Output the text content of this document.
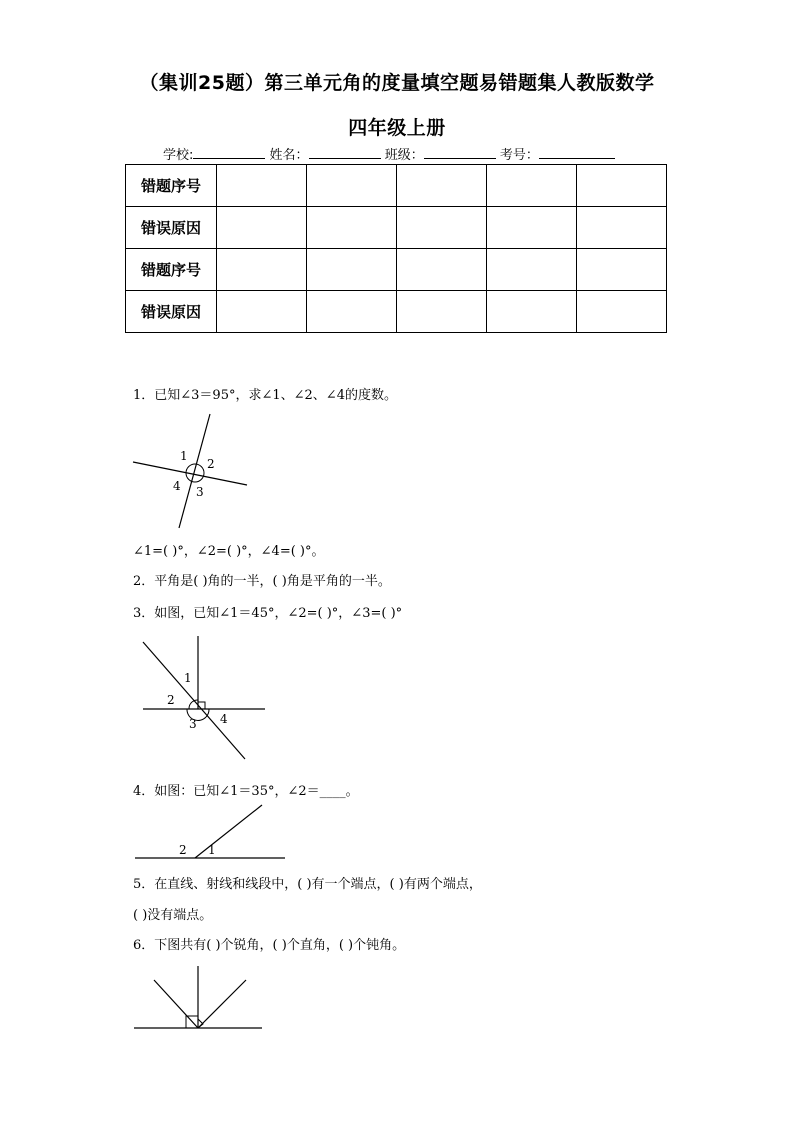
（集训25题）第三单元角的度量填空题易错题集人教版数学
四年级上册
学校:	姓名：	班级：	考号：
错题序号					
错误原因					
错题序号					
错误原因					
1．已知∠3＝95°，求∠1、∠2、∠4的度数。
1
2
3
4
∠1=( )°，∠2=( )°，∠4=( )°。
2．平角是( )角的一半，( )角是平角的一半。
3．如图，已知∠1＝45°，∠2=( )°，∠3=( )°
1
2
3 4
4．如图：已知∠1＝35°，∠2＝____。
2 1
5．在直线、射线和线段中，( )有一个端点，( )有两个端点，
( )没有端点。
6．下图共有( )个锐角，( )个直角，( )个钝角。
